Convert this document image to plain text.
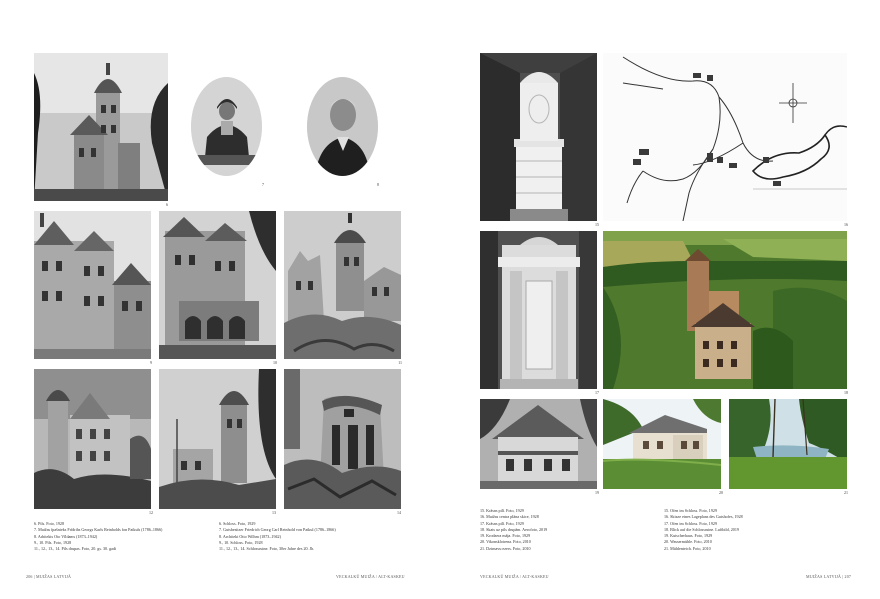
6
7	8
9	10	11
12	13	14
6. Pils. Foto, 1928
7. Muižas īpašnieks Frīdrihs Georgs Karls Reinholds fon Patkuls (1786–1866)
8. Arhitekts Oto Vīldams (1873–1942)
9., 10. Pils. Foto, 1928
11., 12., 13., 14. Pils drupas. Foto, 20. gs. 30. gadi
6. Schloss. Foto, 1929
7. Gutsbesitzer Friedrich Georg Carl Reinhold von Patkul (1786–1866)
8. Architekt Otto Wilhm (1873–1942)
9., 10. Schloss. Foto, 1928
11., 12., 13., 14. Schlossruine. Foto, 30er Jahre des 20. Jh.
206 | MUIŽAS LATVIJĀ	VECKALKŪ MUIŽA / ALT-KASKEU
15	16
17	18
19	20	21
15. Krāsns pilī. Foto, 1929
16. Muižas centra plāna skice, 1928
17. Krāsns pilī. Foto, 1929
18. Skats uz pils drupām. Aerofoto, 2019
19. Krodzera māja. Foto, 1929
20. Vikonskloirena. Foto, 2010
21. Dzirnavu ezers. Foto, 2010
15. Ofen im Schloss. Foto, 1929
16. Skizze eines Lageplans des Gutshofes, 1928
17. Ofen im Schloss. Foto, 1929
18. Blick auf die Schlossruine. Luftbild, 2019
19. Kutscherhaus. Foto, 1929
20. Wassermühle. Foto, 2010
21. Mühlenteich. Foto, 2010
VECKALKŪ MUIŽA / ALT-KASKEU	MUIŽAS LATVIJĀ | 207
